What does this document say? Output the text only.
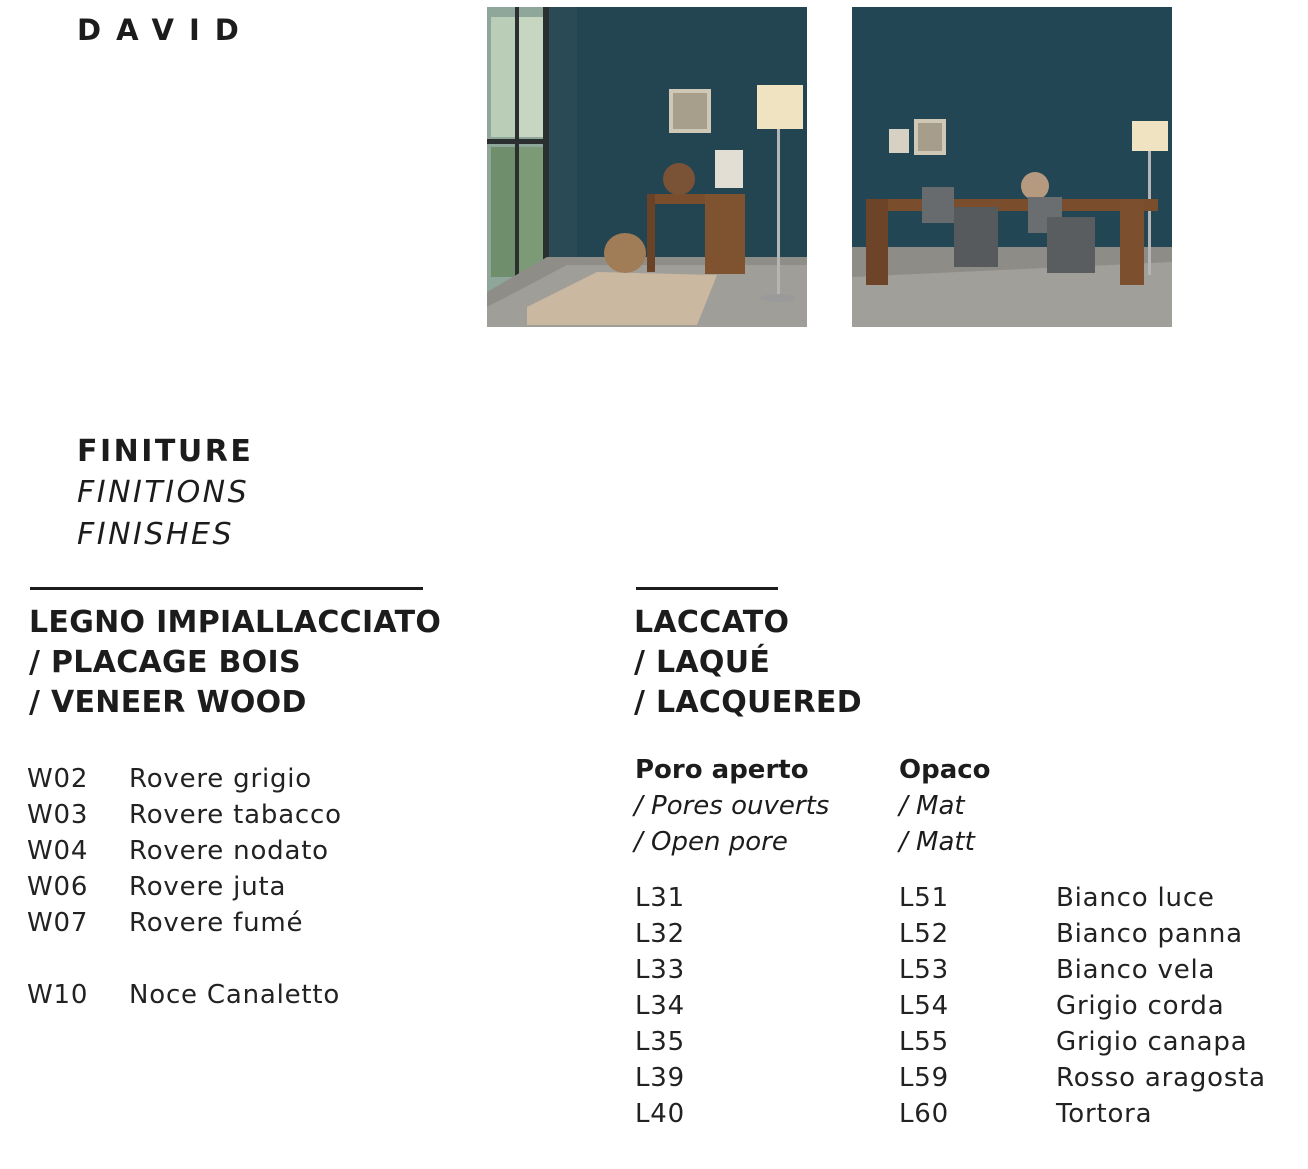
DAVID
FINITURE
FINITIONS
FINISHES
LEGNO IMPIALLACCIATO
/ PLACAGE BOIS
/ VENEER WOOD
W02 Rovere grigio
W03 Rovere tabacco
W04 Rovere nodato
W06 Rovere juta
W07 Rovere fumé
W10 Noce Canaletto
LACCATO
/ LAQUÉ
/ LACQUERED
Poro aperto
/ Pores ouverts
/ Open pore
Opaco
/ Mat
/ Matt
L31
L32
L33
L34
L35
L39
L40
L51
L52
L53
L54
L55
L59
L60
Bianco luce
Bianco panna
Bianco vela
Grigio corda
Grigio canapa
Rosso aragosta
Tortora
